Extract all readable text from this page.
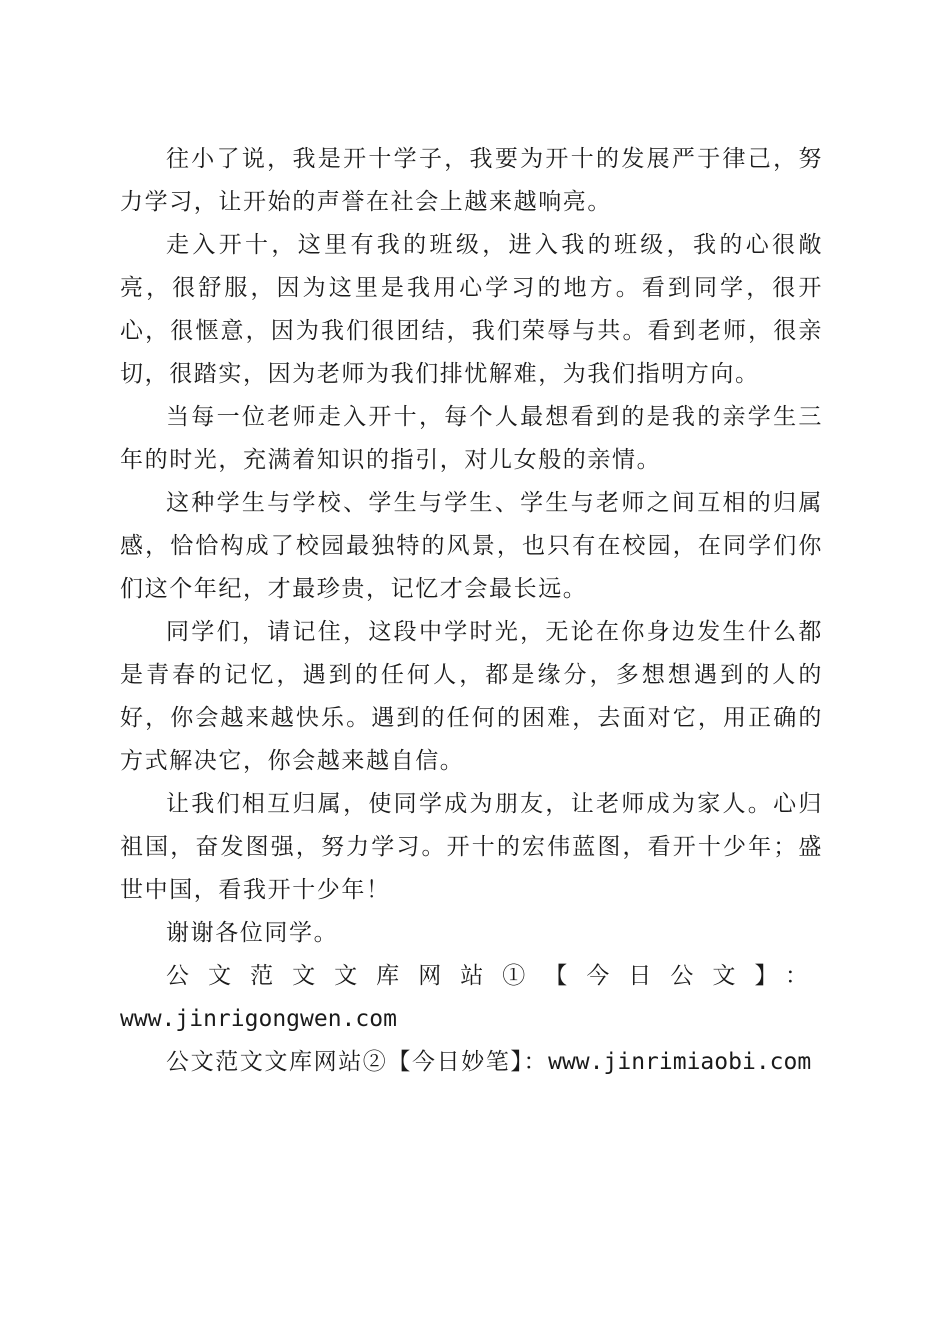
往小了说，我是开十学子，我要为开十的发展严于律己，努力学习，让开始的声誉在社会上越来越响亮。

走入开十，这里有我的班级，进入我的班级，我的心很敞亮，很舒服，因为这里是我用心学习的地方。看到同学，很开心，很惬意，因为我们很团结，我们荣辱与共。看到老师，很亲切，很踏实，因为老师为我们排忧解难，为我们指明方向。

当每一位老师走入开十，每个人最想看到的是我的亲学生三年的时光，充满着知识的指引，对儿女般的亲情。

这种学生与学校、学生与学生、学生与老师之间互相的归属感，恰恰构成了校园最独特的风景，也只有在校园，在同学们你们这个年纪，才最珍贵，记忆才会最长远。

同学们，请记住，这段中学时光，无论在你身边发生什么都是青春的记忆，遇到的任何人，都是缘分，多想想遇到的人的好，你会越来越快乐。遇到的任何的困难，去面对它，用正确的方式解决它，你会越来越自信。

让我们相互归属，使同学成为朋友，让老师成为家人。心归祖国，奋发图强，努力学习。开十的宏伟蓝图，看开十少年；盛世中国，看我开十少年！

谢谢各位同学。

公文范文文库网站①【今日公文】： www.jinrigongwen.com

公文范文文库网站②【今日妙笔】：www.jinrimiaobi.com
